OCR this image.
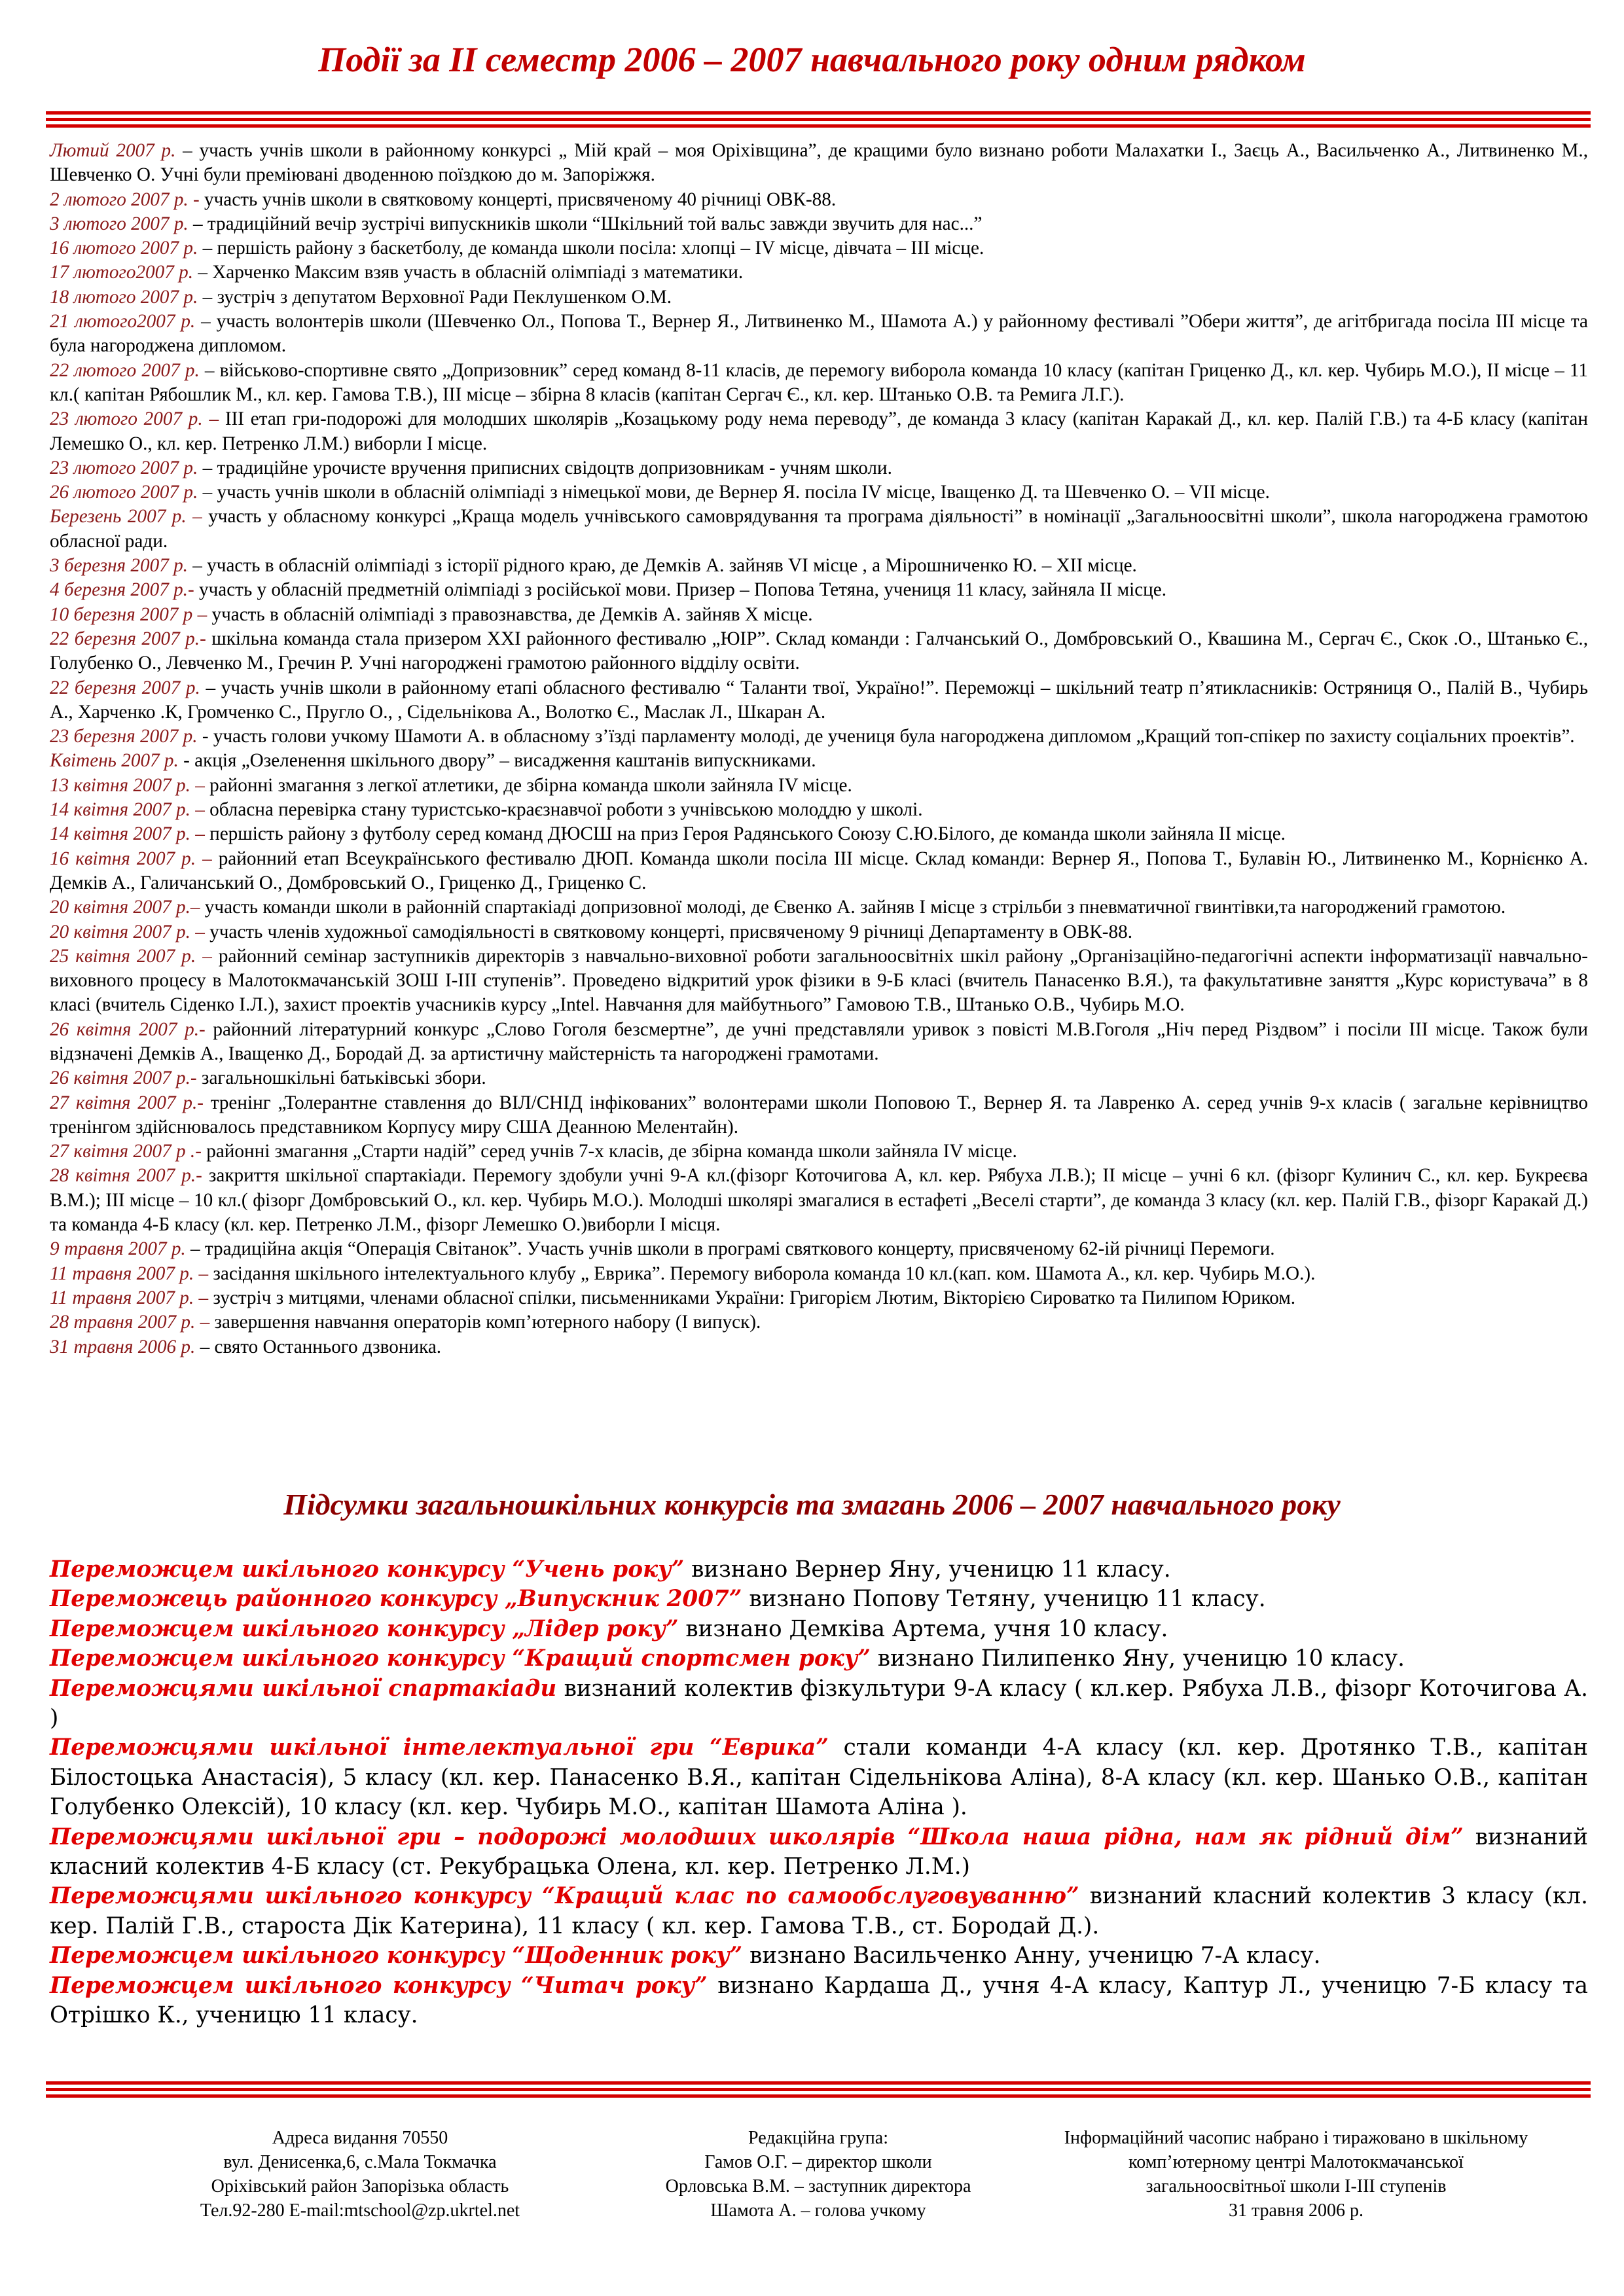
Події за ІІ семестр 2006 – 2007 навчального року одним рядком
Лютий 2007 р. – участь учнів школи в районному конкурсі „ Мій край – моя Оріхівщина”, де кращими було визнано роботи Малахатки І., Заєць А., Васильченко А., Литвиненко М., Шевченко О. Учні були преміювані дводенною поїздкою до м. Запоріжжя.
2 лютого 2007 р. - участь учнів школи в святковому концерті, присвяченому 40 річниці ОВК-88.
3 лютого 2007 р. – традиційний вечір зустрічі випускників школи “Шкільний той вальс завжди звучить для нас...”
16 лютого 2007 р. – першість району з баскетболу, де команда школи посіла: хлопці – IV місце, дівчата – ІІІ місце.
17 лютого2007 р. – Харченко Максим взяв участь в обласній олімпіаді з математики.
18 лютого 2007 р. – зустріч з депутатом Верховної Ради Пеклушенком О.М.
21 лютого2007 р. – участь волонтерів школи (Шевченко Ол., Попова Т., Вернер Я., Литвиненко М., Шамота А.) у районному фестивалі ”Обери життя”, де агітбригада посіла ІІІ місце та була нагороджена дипломом.
22 лютого 2007 р. – військово-спортивне свято „Допризовник” серед команд 8-11 класів, де перемогу виборола команда 10 класу (капітан Гриценко Д., кл. кер. Чубирь М.О.), ІІ місце – 11 кл.( капітан Рябошлик М., кл. кер. Гамова Т.В.), ІІІ місце – збірна 8 класів (капітан Сергач Є., кл. кер. Штанько О.В. та Ремига Л.Г.).
23 лютого 2007 р. – ІІІ етап гри-подорожі для молодших школярів „Козацькому роду нема переводу”, де команда 3 класу (капітан Каракай Д., кл. кер. Палій Г.В.) та 4-Б класу (капітан Лемешко О., кл. кер. Петренко Л.М.) виборли І місце.
23 лютого 2007 р. – традиційне урочисте вручення приписних свідоцтв допризовникам - учням школи.
26 лютого 2007 р. – участь учнів школи в обласній олімпіаді з німецької мови, де Вернер Я. посіла IV місце, Іващенко Д. та Шевченко О. – VІІ місце.
Березень 2007 р. – участь у обласному конкурсі „Краща модель учнівського самоврядування та програма діяльності” в номінації „Загальноосвітні школи”, школа нагороджена грамотою обласної ради.
3 березня 2007 р. – участь в обласній олімпіаді з історії рідного краю, де Демків А. зайняв VI місце , а Мірошниченко Ю. – ХІІ місце.
4 березня 2007 р.- участь у обласній предметній олімпіаді з російської мови. Призер – Попова Тетяна, учениця 11 класу, зайняла ІІ місце.
10 березня 2007 р – участь в обласній олімпіаді з правознавства, де Демків А. зайняв Х місце.
22 березня 2007 р.- шкільна команда стала призером ХХІ районного фестивалю „ЮІР”. Склад команди : Галчанський О., Домбровський О., Квашина М., Сергач Є., Скок .О., Штанько Є., Голубенко О., Левченко М., Гречин Р. Учні нагороджені грамотою районного відділу освіти.
22 березня 2007 р. – участь учнів школи в районному етапі обласного фестивалю “ Таланти твої, Україно!”. Переможці – шкільний театр п’ятикласників: Остряниця О., Палій В., Чубирь А., Харченко .К, Громченко С., Пругло О., , Сідельнікова А., Волотко Є., Маслак Л., Шкаран А.
23 березня 2007 р. - участь голови учкому Шамоти А. в обласному з’їзді парламенту молоді, де учениця була нагороджена дипломом „Кращий топ-спікер по захисту соціальних проектів”.
Квітень 2007 р. - акція „Озеленення шкільного двору” – висадження каштанів випускниками.
13 квітня 2007 р. – районні змагання з легкої атлетики, де збірна команда школи зайняла IV місце.
14 квітня 2007 р. – обласна перевірка стану туристсько-краєзнавчої роботи з учнівською молоддю у школі.
14 квітня 2007 р. – першість району з футболу серед команд ДЮСШ на приз Героя Радянського Союзу С.Ю.Білого, де команда школи зайняла ІІ місце.
16 квітня 2007 р. – районний етап Всеукраїнського фестивалю ДЮП. Команда школи посіла ІІІ місце. Склад команди: Вернер Я., Попова Т., Булавін Ю., Литвиненко М., Корнієнко А. Демків А., Галичанський О., Домбровський О., Гриценко Д., Гриценко С.
20 квітня 2007 р.– участь команди школи в районній спартакіаді допризовної молоді, де Євенко А. зайняв І місце з стрільби з пневматичної гвинтівки,та нагороджений грамотою.
20 квітня 2007 р. – участь членів художньої самодіяльності в святковому концерті, присвяченому 9 річниці Департаменту в ОВК-88.
25 квітня 2007 р. – районний семінар заступників директорів з навчально-виховної роботи загальноосвітніх шкіл району „Організаційно-педагогічні аспекти інформатизації навчально-виховного процесу в Малотокмачанській ЗОШ І-ІІІ ступенів”. Проведено відкритий урок фізики в 9-Б класі (вчитель Панасенко В.Я.), та факультативне заняття „Курс користувача” в 8 класі (вчитель Сіденко І.Л.), захист проектів учасників курсу „Intel. Навчання для майбутнього” Гамовою Т.В., Штанько О.В., Чубирь М.О.
26 квітня 2007 р.- районний літературний конкурс „Слово Гоголя безсмертне”, де учні представляли уривок з повісті М.В.Гоголя „Ніч перед Різдвом” і посіли ІІІ місце. Також були відзначені Демків А., Іващенко Д., Бородай Д. за артистичну майстерність та нагороджені грамотами.
26 квітня 2007 р.- загальношкільні батьківські збори.
27 квітня 2007 р.- тренінг „Толерантне ставлення до ВІЛ/СНІД інфікованих” волонтерами школи Поповою Т., Вернер Я. та Лавренко А. серед учнів 9-х класів ( загальне керівництво тренінгом здійснювалось представником Корпусу миру США Деанною Мелентайн).
27 квітня 2007 р .- районні змагання „Старти надій” серед учнів 7-х класів, де збірна команда школи зайняла IV місце.
28 квітня 2007 р.- закриття шкільної спартакіади. Перемогу здобули учні 9-А кл.(фізорг Коточигова А, кл. кер. Рябуха Л.В.); ІІ місце – учні 6 кл. (фізорг Кулинич С., кл. кер. Букреєва В.М.); ІІІ місце – 10 кл.( фізорг Домбровський О., кл. кер. Чубирь М.О.). Молодші школярі змагалися в естафеті „Веселі старти”, де команда 3 класу (кл. кер. Палій Г.В., фізорг Каракай Д.) та команда 4-Б класу (кл. кер. Петренко Л.М., фізорг Лемешко О.)виборли І місця.
9 травня 2007 р. – традиційна акція “Операція Світанок”. Участь учнів школи в програмі святкового концерту, присвяченому 62-ій річниці Перемоги.
11 травня 2007 р. – засідання шкільного інтелектуального клубу „ Еврика”. Перемогу виборола команда 10 кл.(кап. ком. Шамота А., кл. кер. Чубирь М.О.).
11 травня 2007 р. – зустріч з митцями, членами обласної спілки, письменниками України: Григорієм Лютим, Вікторією Сироватко та Пилипом Юриком.
28 травня 2007 р. – завершення навчання операторів комп’ютерного набору (І випуск).
31 травня 2006 р. – свято Останнього дзвоника.
Підсумки загальношкільних конкурсів та змагань 2006 – 2007 навчального року
Переможцем шкільного конкурсу “Учень року” визнано Вернер Яну, ученицю 11 класу.
Переможець районного конкурсу „Випускник 2007” визнано Попову Тетяну, ученицю 11 класу.
Переможцем шкільного конкурсу „Лідер року” визнано Демківа Артема, учня 10 класу.
Переможцем шкільного конкурсу “Кращий спортсмен року” визнано Пилипенко Яну, ученицю 10 класу.
Переможцями шкільної спартакіади визнаний колектив фізкультури 9-А класу ( кл.кер. Рябуха Л.В., фізорг Коточигова А. )
Переможцями шкільної інтелектуальної гри “Еврика” стали команди 4-А класу (кл. кер. Дротянко Т.В., капітан Білостоцька Анастасія), 5 класу (кл. кер. Панасенко В.Я., капітан Сідельнікова Аліна), 8-А класу (кл. кер. Шанько О.В., капітан Голубенко Олексій), 10 класу (кл. кер. Чубирь М.О., капітан Шамота Аліна ).
Переможцями шкільної гри – подорожі молодших школярів “Школа наша рідна, нам як рідний дім” визнаний класний колектив 4-Б класу (ст. Рекубрацька Олена, кл. кер. Петренко Л.М.)
Переможцями шкільного конкурсу “Кращий клас по самообслуговуванню” визнаний класний колектив 3 класу (кл. кер. Палій Г.В., староста Дік Катерина), 11 класу ( кл. кер. Гамова Т.В., ст. Бородай Д.).
Переможцем шкільного конкурсу “Щоденник року” визнано Васильченко Анну, ученицю 7-А класу.
Переможцем шкільного конкурсу “Читач року” визнано Кардаша Д., учня 4-А класу, Каптур Л., ученицю 7-Б класу та Отрішко К., ученицю 11 класу.
Адреса видання 70550
вул. Денисенка,6, с.Мала Токмачка
Оріхівський район Запорізька область
Тел.92-280 E-mail:mtschool@zp.ukrtel.net
Редакційна група:
Гамов О.Г. – директор школи
Орловська В.М. – заступник директора
Шамота А. – голова учкому
Інформаційний часопис набрано і тиражовано в шкільному
комп’ютерному центрі Малотокмачанської
загальноосвітньої школи І-ІІІ ступенів
31 травня 2006 р.
